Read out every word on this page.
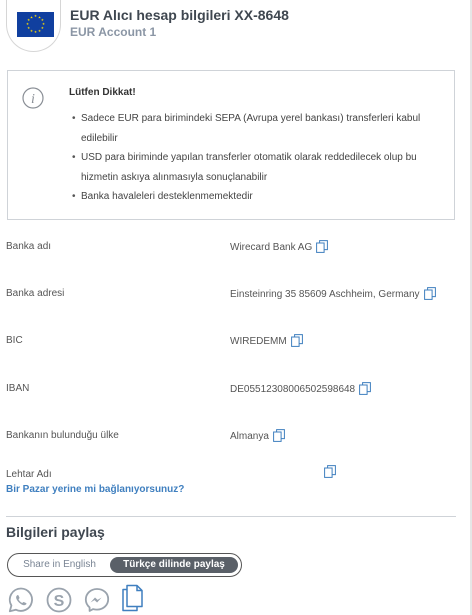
★ ★
★
★
★
★
★
★
★
★
★
★	EUR Alıcı hesap bilgileri XX-8648
EUR Account 1
i	Lütfen Dikkat!
• Sadece EUR para birimindeki SEPA (Avrupa yerel bankası) transferleri kabul edilebilir
• USD para biriminde yapılan transferler otomatik olarak reddedilecek olup bu hizmetin askıya alınmasıyla sonuçlanabilir
• Banka havaleleri desteklenmemektedir
Banka adı	Wirecard Bank AG
Banka adresi	Einsteinring 35 85609 Aschheim, Germany
BIC	WIREDEMM
IBAN	DE05512308006502598648
Bankanın bulunduğu ülke	Almanya
Lehtar Adı
Bir Pazar yerine mi bağlanıyorsunuz?
Bilgileri paylaş
Share in English	Türkçe dilinde paylaş
S
